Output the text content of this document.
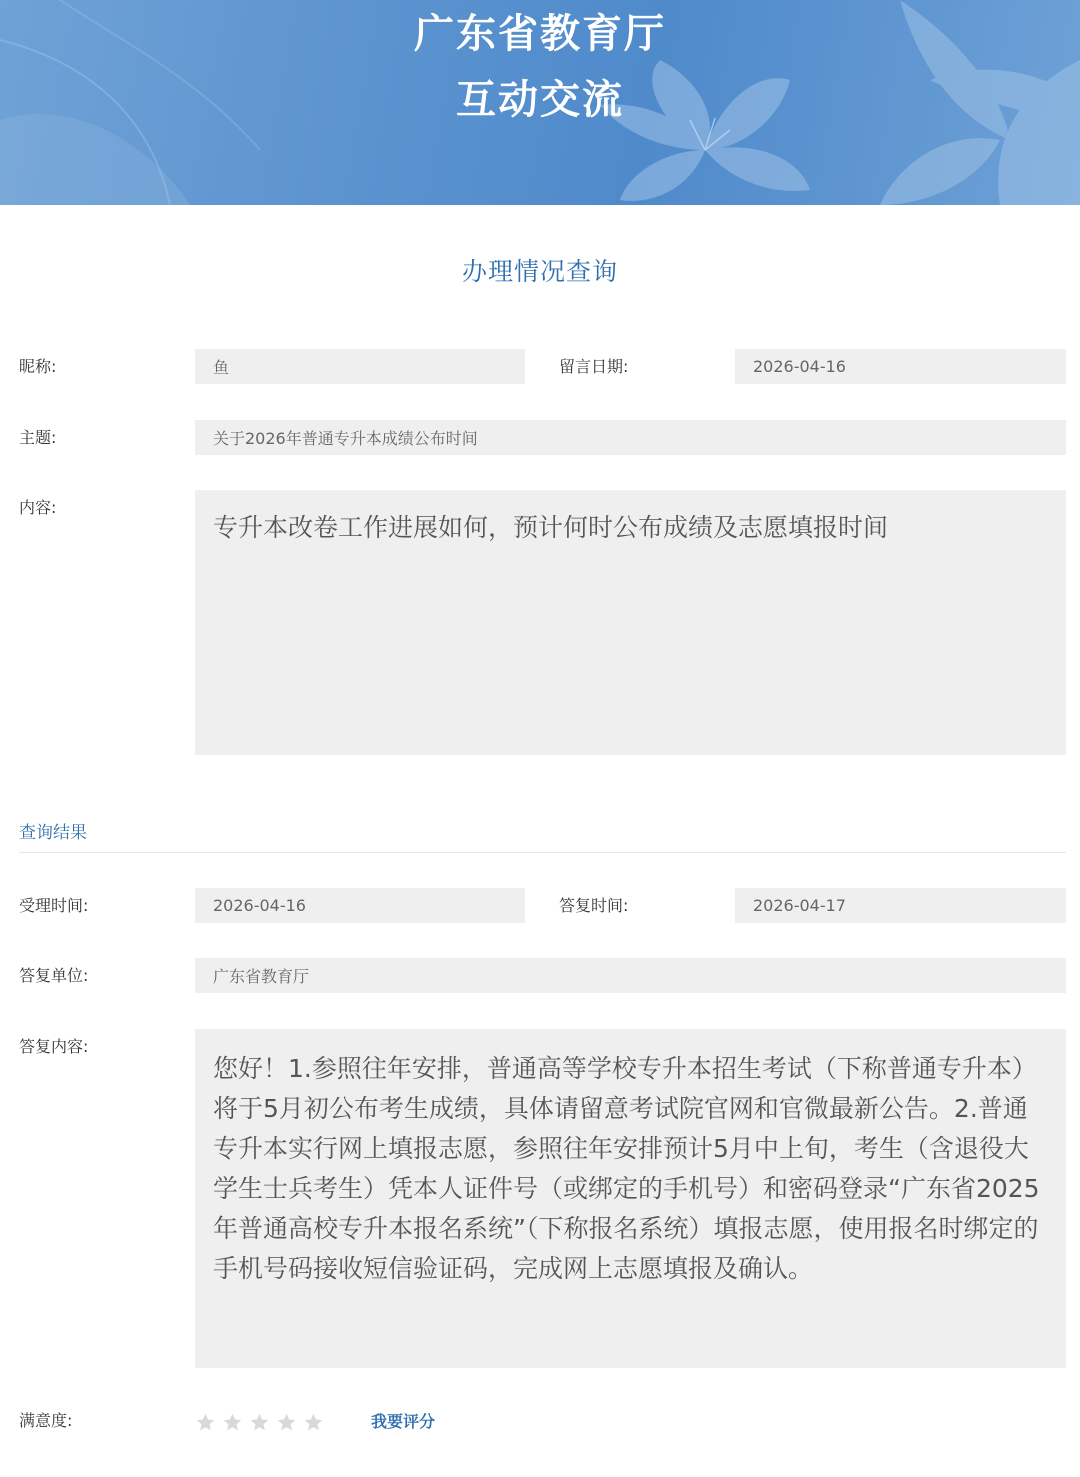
广东省教育厅
互动交流
办理情况查询
昵称:	鱼	留言日期:	2026-04-16
主题:	关于2026年普通专升本成绩公布时间
内容:
专升本改卷工作进展如何，预计何时公布成绩及志愿填报时间
查询结果
受理时间:	2026-04-16	答复时间:	2026-04-17
答复单位:	广东省教育厅
答复内容:
您好！1.参照往年安排，普通高等学校专升本招生考试（下称普通专升本）将于5月初公布考生成绩，具体请留意考试院官网和官微最新公告。2.普通专升本实行网上填报志愿，参照往年安排预计5月中上旬，考生（含退役大学生士兵考生）凭本人证件号（或绑定的手机号）和密码登录“广东省2025年普通高校专升本报名系统”（下称报名系统）填报志愿，使用报名时绑定的手机号码接收短信验证码，完成网上志愿填报及确认。
满意度:	我要评分
